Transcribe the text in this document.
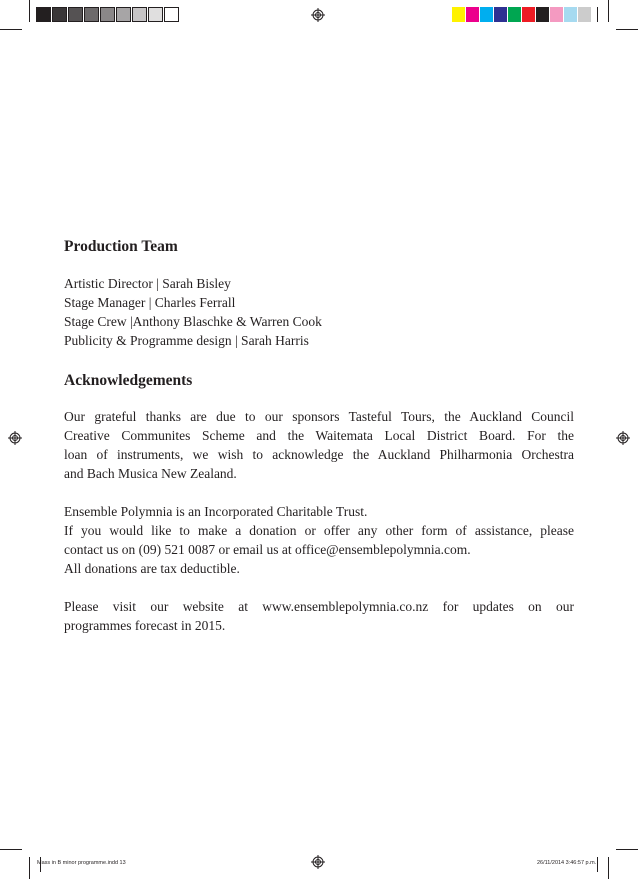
Production Team
Artistic Director | Sarah Bisley
Stage Manager | Charles Ferrall
Stage Crew |Anthony Blaschke & Warren Cook
Publicity & Programme design | Sarah Harris
Acknowledgements
Our grateful thanks are due to our sponsors Tasteful Tours, the Auckland Council
Creative Communites Scheme and the Waitemata Local District Board. For the
loan of instruments, we wish to acknowledge the Auckland Philharmonia Orchestra
and Bach Musica New Zealand.
Ensemble Polymnia is an Incorporated Charitable Trust.
If you would like to make a donation or offer any other form of assistance, please
contact us on (09) 521 0087 or email us at office@ensemblepolymnia.com.
All donations are tax deductible.
Please visit our website at www.ensemblepolymnia.co.nz for updates on our
programmes forecast in 2015.
Mass in B minor programme.indd 13	26/11/2014 3:46:57 p.m.
